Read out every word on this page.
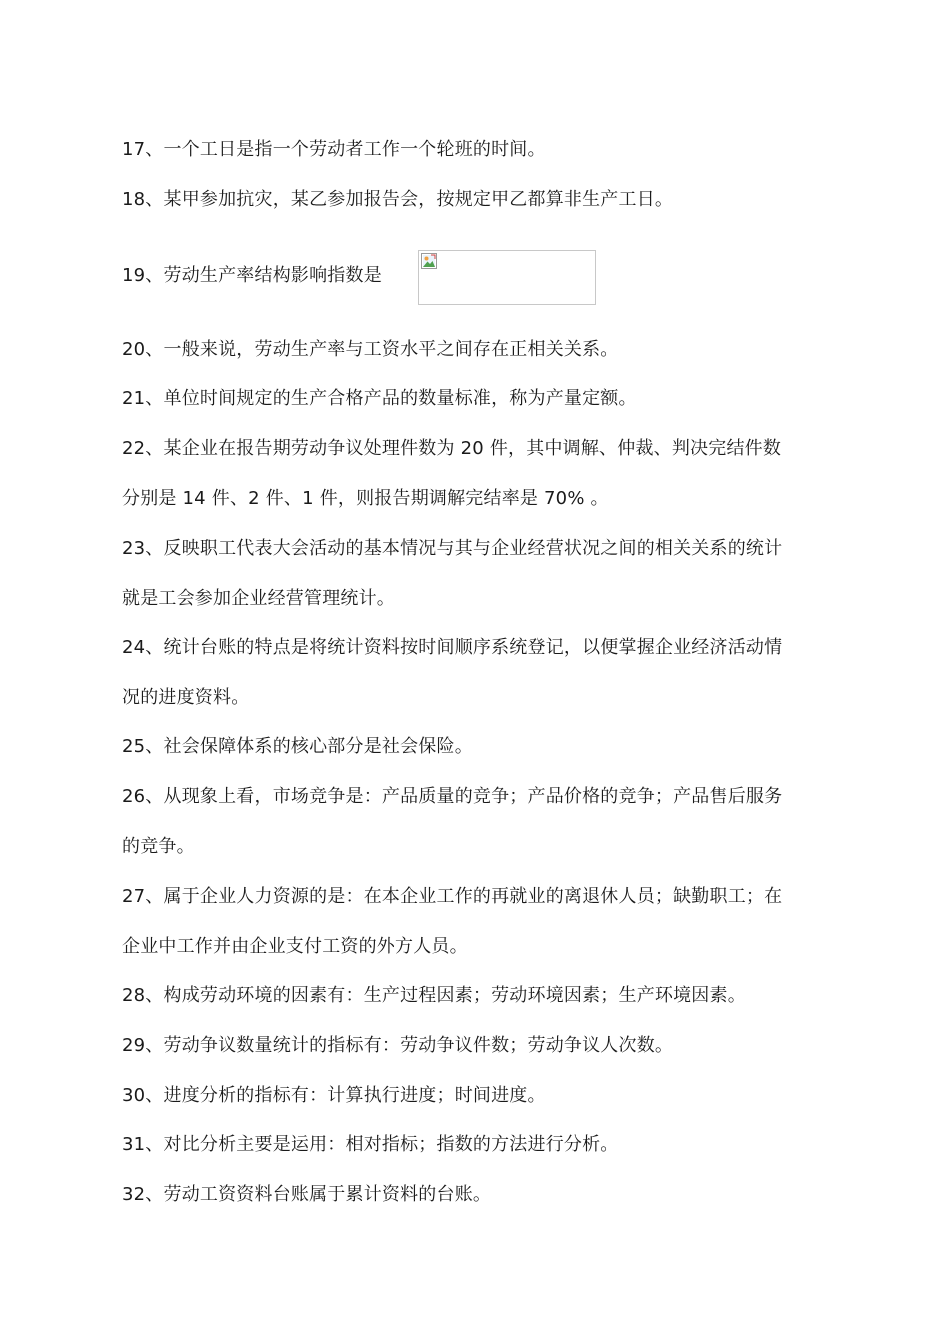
17、一个工日是指一个劳动者工作一个轮班的时间。
18、某甲参加抗灾，某乙参加报告会，按规定甲乙都算非生产工日。
19、劳动生产率结构影响指数是
20、一般来说，劳动生产率与工资水平之间存在正相关关系。
21、单位时间规定的生产合格产品的数量标准，称为产量定额。
22、某企业在报告期劳动争议处理件数为 20 件，其中调解、仲裁、判决完结件数
分别是 14 件、2 件、1 件，则报告期调解完结率是 70% 。
23、反映职工代表大会活动的基本情况与其与企业经营状况之间的相关关系的统计
就是工会参加企业经营管理统计。
24、统计台账的特点是将统计资料按时间顺序系统登记，以便掌握企业经济活动情
况的进度资料。
25、社会保障体系的核心部分是社会保险。
26、从现象上看，市场竞争是：产品质量的竞争；产品价格的竞争；产品售后服务
的竞争。
27、属于企业人力资源的是：在本企业工作的再就业的离退休人员；缺勤职工；在
企业中工作并由企业支付工资的外方人员。
28、构成劳动环境的因素有：生产过程因素；劳动环境因素；生产环境因素。
29、劳动争议数量统计的指标有：劳动争议件数；劳动争议人次数。
30、进度分析的指标有：计算执行进度；时间进度。
31、对比分析主要是运用：相对指标；指数的方法进行分析。
32、劳动工资资料台账属于累计资料的台账。
